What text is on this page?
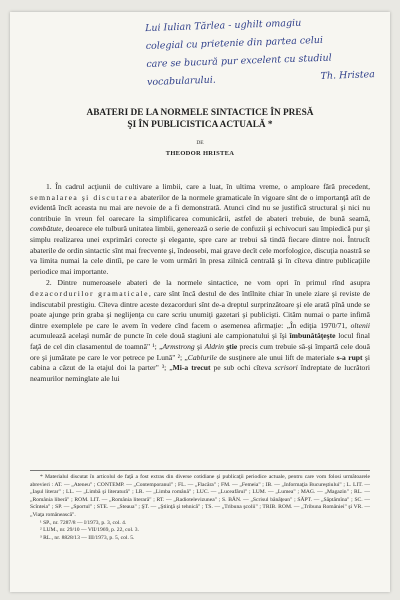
Lui Iulian Tărlea - ughilt omagiu
colegial cu prietenie din partea celui
care se bucură pur excelent cu studiul
vocabularului.	Th. Hristea
ABATERI DE LA NORMELE SINTACTICE ÎN PRESĂ
ŞI ÎN PUBLICISTICA ACTUALĂ *
DE
THEODOR HRISTEA

1. În cadrul acţiunii de cultivare a limbii, care a luat, în ultima vreme, o amploare fără precedent, semnalarea şi discutarea abaterilor de la normele gramaticale în vigoare sînt de o importanţă atît de evidentă încît aceasta nu mai are nevoie de a fi demonstrată. Atunci cînd nu se justifică structural şi nici nu contribuie în vreun fel oarecare la simplificarea comunicării, astfel de abateri trebuie, de bună seamă, combătute, deoarece ele tulbură unitatea limbii, generează o serie de confuzii şi echivocuri sau împiedică pur şi simplu realizarea unei exprimări corecte şi elegante, spre care ar trebui să tindă fiecare dintre noi. Întrucît abaterile de ordin sintactic sînt mai frecvente şi, îndeosebi, mai grave decît cele morfologice, discuţia noastră se va limita numai la cele dintîi, pe care le vom urmări în presa zilnică centrală şi în cîteva dintre publicaţiile periodice mai importante.

2. Dintre numeroasele abateri de la normele sintactice, ne vom opri în primul rînd asupra dezacordurilor gramaticale, care sînt încă destul de des întîlnite chiar în unele ziare şi reviste de indiscutabil prestigiu. Cîteva dintre aceste dezacorduri sînt de-a dreptul surprinzătoare şi ele arată pînă unde se poate ajunge prin graba şi neglijenţa cu care scriu unumiţi gazetari şi publicişti. Cităm numai o parte infimă dintre exemplele pe care le avem în vedere cînd facem o asemenea afirmaţie: „În ediţia 1970/71, oltenii acumulează acelaşi număr de puncte în cele două stagiuni ale campionatului şi îşi îmbunătăţeşte locul final faţă de cel din clasamentul de toamnă" ¹; „Armstrong şi Aldrin ştie precis cum trebuie să-şi împartă cele două ore şi jumătate pe care le vor petrece pe Lună" ²; „Cablurile de susţinere ale unui lift de materiale s-a rupt şi cabina a căzut de la etajul doi la parter" ³; „Mi-a trecut pe sub ochi cîteva scrisori îndreptate de lucrători neamurilor neminglate ale lui

* Materialul discutat în articolul de faţă a fost extras din diverse cotidiane şi publicaţii periodice actuale, pentru care vom folosi următoarele abrevieri : AT. — „Ateneu" ; CONTEMP. — „Contemporanul" ; FL. — „Flacăra" ; FM. — „Femeia" ; IB. — „Informaţia Bucureştiului" ; L. LIT. — „Iaşul literar" ; LL. — „Limbă şi literatură" ; LR. — „Limba română" ; LUC. — „Luceafărul" ; LUM. — „Lumea" ; MAG. — „Magazin" ; RL. — „România liberă" ; ROM. LIT. — „România literară" ; RT. — „Radiotelevizunea" ; S. BĂN. — „Scrisul bănăţean" ; SĂPT. — „Săptămîna" ; SC. — Scînteia" ; SP. — „Sportul" ; STE. — „Steaua" ; ŞT. — „Ştiinţă şi tehnică" ; TS. — „Tribuna şcolii" ; TRIB. ROM. — „Tribuna României" şi VR. — „Viaţa românească".

¹ SP., nr. 7287/8 — I/1973, p. 3, col. 4.

² LUM., nr. 29/10 — VII/1969, p. 22, col. 3.

³ RL., nr. 8828/13 — III/1973, p. 5, col. 5.
